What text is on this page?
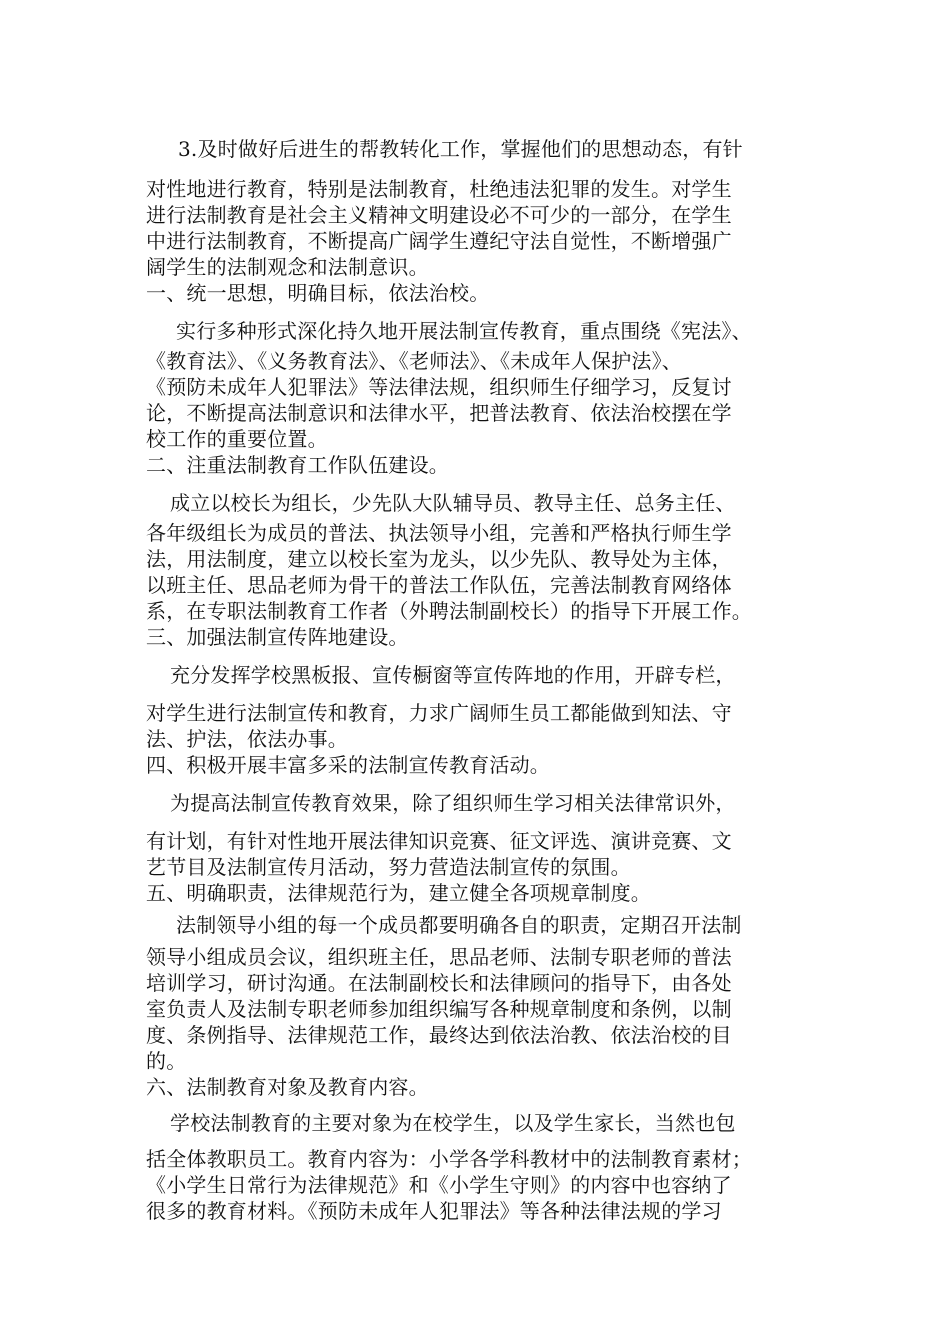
3.及时做好后进生的帮教转化工作，掌握他们的思想动态，有针

对性地进行教育，特别是法制教育，杜绝违法犯罪的发生。对学生

进行法制教育是社会主义精神文明建设必不可少的一部分，在学生

中进行法制教育，不断提高广阔学生遵纪守法自觉性，不断增强广

阔学生的法制观念和法制意识。

一、统一思想，明确目标，依法治校。

实行多种形式深化持久地开展法制宣传教育，重点围绕《宪法》、

《教育法》、《义务教育法》、《老师法》、《未成年人保护法》、

《预防未成年人犯罪法》等法律法规，组织师生仔细学习，反复讨

论，不断提高法制意识和法律水平，把普法教育、依法治校摆在学

校工作的重要位置。

二、注重法制教育工作队伍建设。

成立以校长为组长，少先队大队辅导员、教导主任、总务主任、

各年级组长为成员的普法、执法领导小组，完善和严格执行师生学

法，用法制度，建立以校长室为龙头，以少先队、教导处为主体，

以班主任、思品老师为骨干的普法工作队伍，完善法制教育网络体

系，在专职法制教育工作者（外聘法制副校长）的指导下开展工作。

三、加强法制宣传阵地建设。

充分发挥学校黑板报、宣传橱窗等宣传阵地的作用，开辟专栏，

对学生进行法制宣传和教育，力求广阔师生员工都能做到知法、守

法、护法，依法办事。

四、积极开展丰富多采的法制宣传教育活动。

为提高法制宣传教育效果，除了组织师生学习相关法律常识外，

有计划，有针对性地开展法律知识竞赛、征文评选、演讲竞赛、文

艺节目及法制宣传月活动，努力营造法制宣传的氛围。

五、明确职责，法律规范行为，建立健全各项规章制度。

法制领导小组的每一个成员都要明确各自的职责，定期召开法制

领导小组成员会议，组织班主任，思品老师、法制专职老师的普法

培训学习，研讨沟通。在法制副校长和法律顾问的指导下，由各处

室负责人及法制专职老师参加组织编写各种规章制度和条例，以制

度、条例指导、法律规范工作，最终达到依法治教、依法治校的目

的。

六、法制教育对象及教育内容。

学校法制教育的主要对象为在校学生，以及学生家长，当然也包

括全体教职员工。教育内容为：小学各学科教材中的法制教育素材；

《小学生日常行为法律规范》和《小学生守则》的内容中也容纳了

很多的教育材料。《预防未成年人犯罪法》等各种法律法规的学习
